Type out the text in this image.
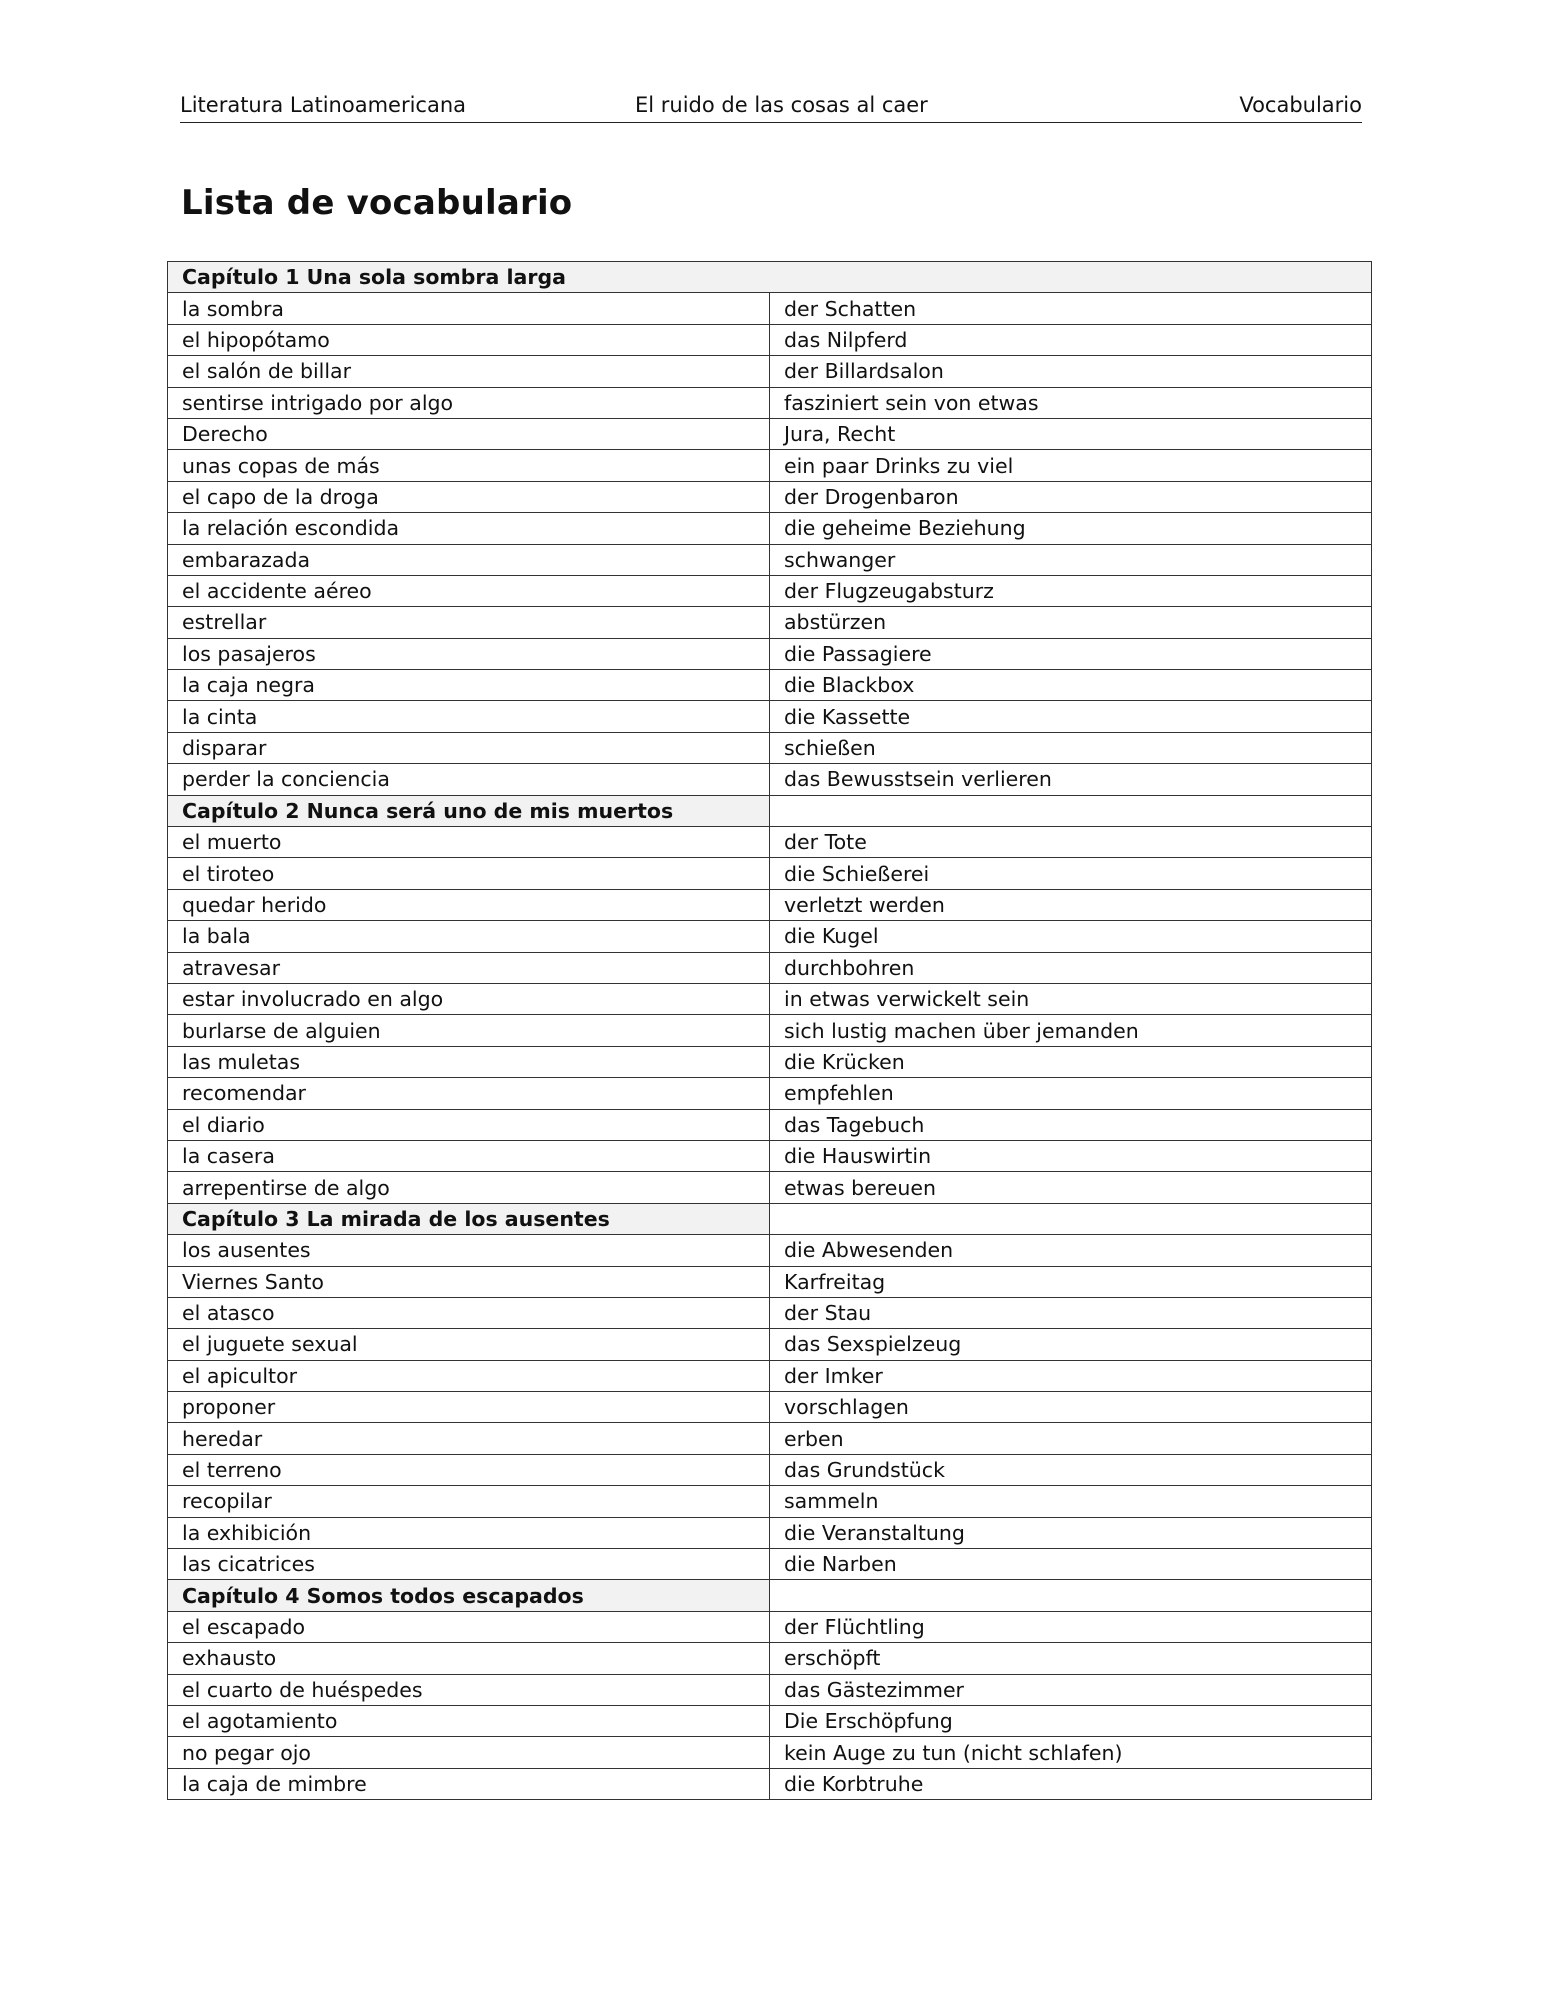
Literatura Latinoamericana	El ruido de las cosas al caer	Vocabulario
Lista de vocabulario
Capítulo 1 Una sola sombra larga	
la sombra	der Schatten
el hipopótamo	das Nilpferd
el salón de billar	der Billardsalon
sentirse intrigado por algo	fasziniert sein von etwas
Derecho	Jura, Recht
unas copas de más	ein paar Drinks zu viel
el capo de la droga	der Drogenbaron
la relación escondida	die geheime Beziehung
embarazada	schwanger
el accidente aéreo	der Flugzeugabsturz
estrellar	abstürzen
los pasajeros	die Passagiere
la caja negra	die Blackbox
la cinta	die Kassette
disparar	schießen
perder la conciencia	das Bewusstsein verlieren
Capítulo 2 Nunca será uno de mis muertos	
el muerto	der Tote
el tiroteo	die Schießerei
quedar herido	verletzt werden
la bala	die Kugel
atravesar	durchbohren
estar involucrado en algo	in etwas verwickelt sein
burlarse de alguien	sich lustig machen über jemanden
las muletas	die Krücken
recomendar	empfehlen
el diario	das Tagebuch
la casera	die Hauswirtin
arrepentirse de algo	etwas bereuen
Capítulo 3 La mirada de los ausentes	
los ausentes	die Abwesenden
Viernes Santo	Karfreitag
el atasco	der Stau
el juguete sexual	das Sexspielzeug
el apicultor	der Imker
proponer	vorschlagen
heredar	erben
el terreno	das Grundstück
recopilar	sammeln
la exhibición	die Veranstaltung
las cicatrices	die Narben
Capítulo 4 Somos todos escapados	
el escapado	der Flüchtling
exhausto	erschöpft
el cuarto de huéspedes	das Gästezimmer
el agotamiento	Die Erschöpfung
no pegar ojo	kein Auge zu tun (nicht schlafen)
la caja de mimbre	die Korbtruhe
